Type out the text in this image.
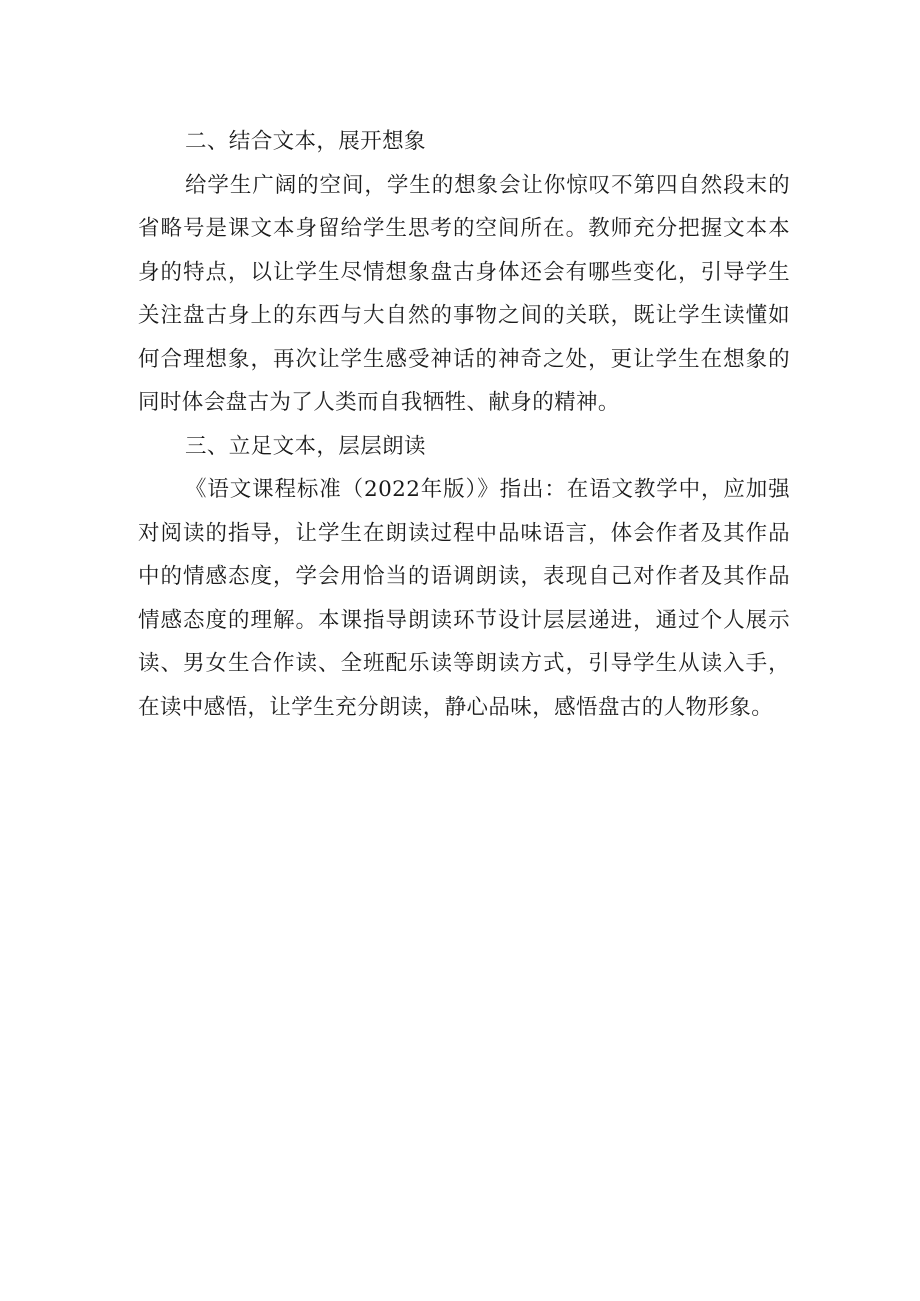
二、结合文本，展开想象

给学生广阔的空间，学生的想象会让你惊叹不第四自然段末的省略号是课文本身留给学生思考的空间所在。教师充分把握文本本身的特点，以让学生尽情想象盘古身体还会有哪些变化，引导学生关注盘古身上的东西与大自然的事物之间的关联，既让学生读懂如何合理想象，再次让学生感受神话的神奇之处，更让学生在想象的同时体会盘古为了人类而自我牺牲、献身的精神。

三、立足文本，层层朗读

《语文课程标准（2022年版）》指出：在语文教学中，应加强对阅读的指导，让学生在朗读过程中品味语言，体会作者及其作品中的情感态度，学会用恰当的语调朗读，表现自己对作者及其作品情感态度的理解。本课指导朗读环节设计层层递进，通过个人展示读、男女生合作读、全班配乐读等朗读方式，引导学生从读入手，在读中感悟，让学生充分朗读，静心品味，感悟盘古的人物形象。
